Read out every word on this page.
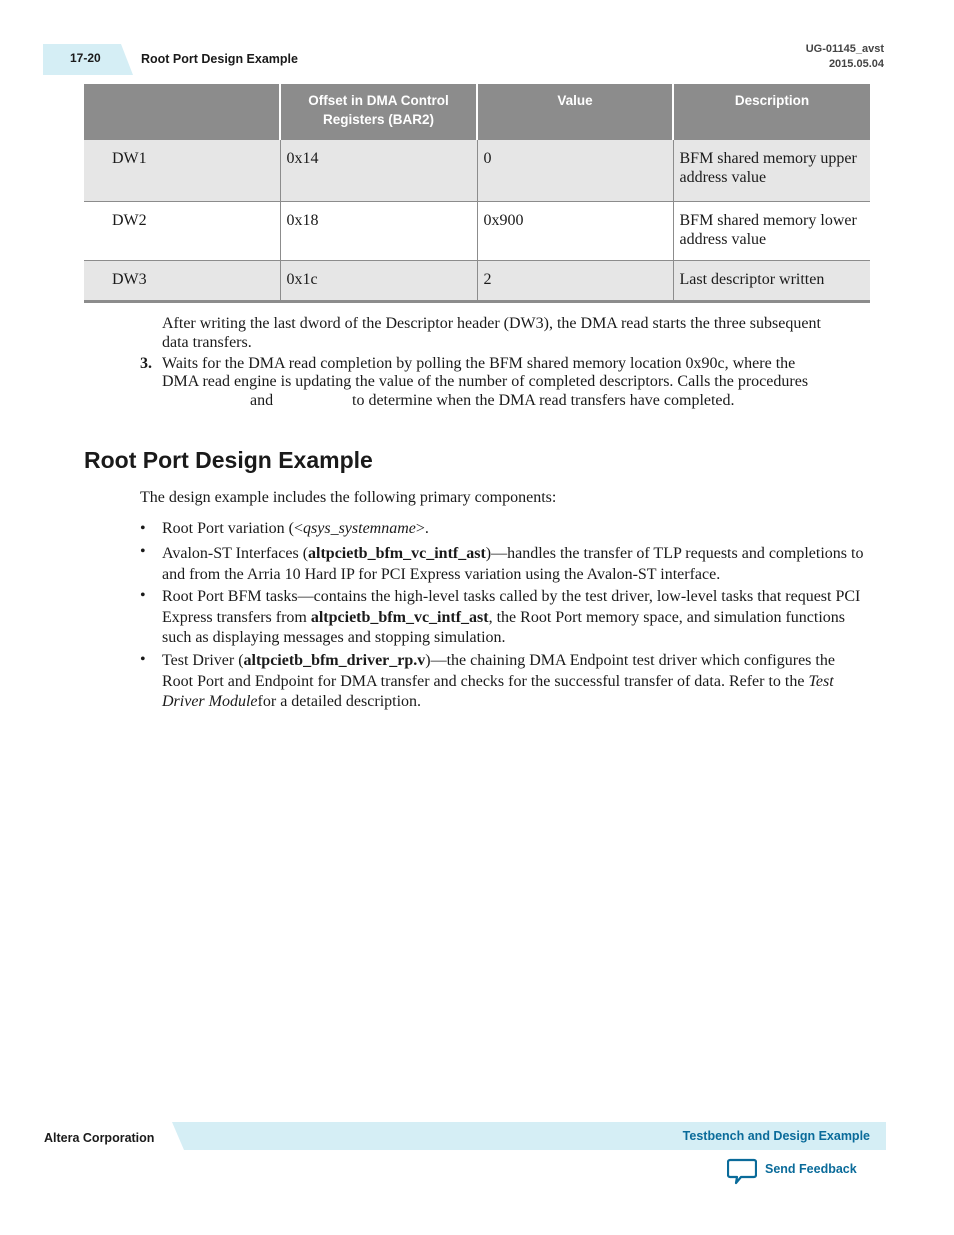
17-20	Root Port Design Example
UG-01145_avst
2015.05.04
	Offset in DMA Control Registers (BAR2)	Value	Description
DW1	0x14	0	BFM shared memory upper address value
DW2	0x18	0x900	BFM shared memory lower address value
DW3	0x1c	2	Last descriptor written
After writing the last dword of the Descriptor header (DW3), the DMA read starts the three subsequent data transfers.
3. Waits for the DMA read completion by polling the BFM shared memory location 0x90c, where the
DMA read engine is updating the value of the number of completed descriptors. Calls the procedures
and	to determine when the DMA read transfers have completed.
Root Port Design Example
The design example includes the following primary components:
• Root Port variation (<qsys_systemname>.
• Avalon-ST Interfaces (altpcietb_bfm_vc_intf_ast)—handles the transfer of TLP requests and completions to and from the Arria 10 Hard IP for PCI Express variation using the Avalon‑ST interface.
• Root Port BFM tasks—contains the high-level tasks called by the test driver, low‑level tasks that request PCI Express transfers from altpcietb_bfm_vc_intf_ast, the Root Port memory space, and simulation functions such as displaying messages and stopping simulation.
• Test Driver (altpcietb_bfm_driver_rp.v)—the chaining DMA Endpoint test driver which configures the Root Port and Endpoint for DMA transfer and checks for the successful transfer of data. Refer to the Test Driver Modulefor a detailed description.
Altera Corporation	Testbench and Design Example
Send Feedback
